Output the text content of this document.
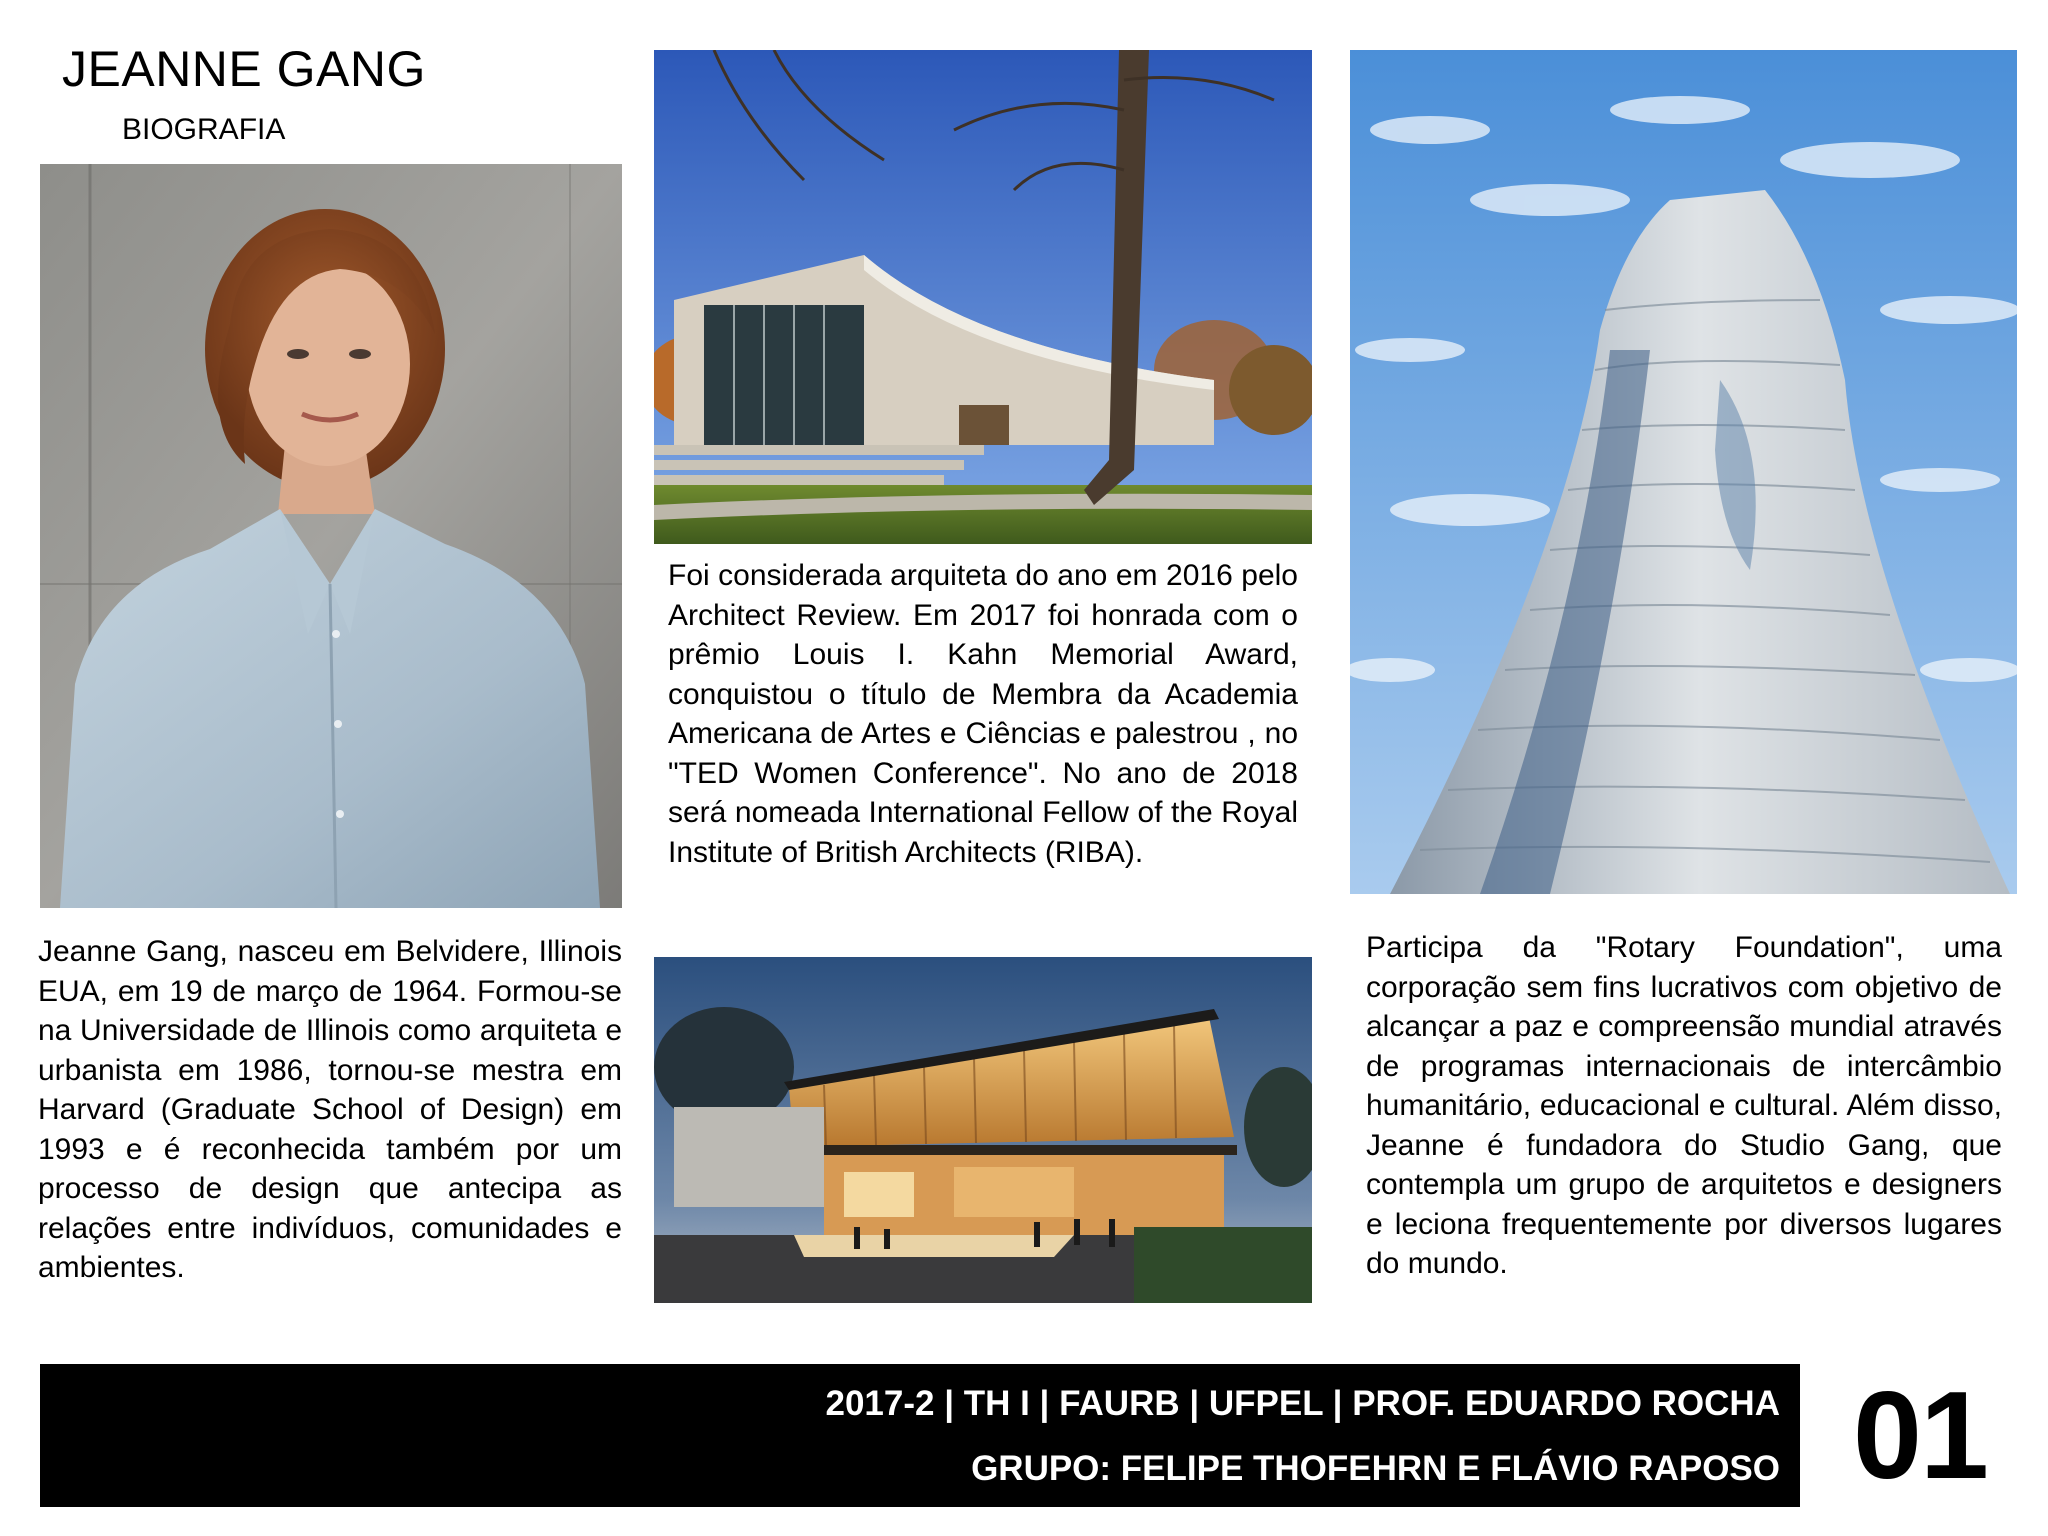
JEANNE GANG
BIOGRAFIA

Foi considerada arquiteta do ano em 2016 pelo Architect Review. Em 2017 foi honrada com o prêmio Louis I. Kahn Memorial Award, conquistou o título de Membra da Academia Americana de Artes e Ciências e palestrou , no "TED Women Conference". No ano de 2018 será nomeada International Fellow of the Royal Institute of British Architects (RIBA).

Jeanne Gang, nasceu em Belvidere, Illinois EUA, em 19 de março de 1964. Formou-se na Universidade de Illinois como arquiteta e urbanista em 1986, tornou-se mestra em Harvard (Graduate School of Design) em 1993 e é reconhecida também por um processo de design que antecipa as relações entre indivíduos, comunidades e ambientes.

Participa da "Rotary Foundation", uma corporação sem fins lucrativos com objetivo de alcançar a paz e compreensão mundial através de programas internacionais de intercâmbio humanitário, educacional e cultural. Além disso, Jeanne é fundadora do Studio Gang, que contempla um grupo de arquitetos e designers e leciona frequentemente por diversos lugares do mundo.

2017-2 | TH I | FAURB | UFPEL | PROF. EDUARDO ROCHA
GRUPO: FELIPE THOFEHRN E FLÁVIO RAPOSO 01
